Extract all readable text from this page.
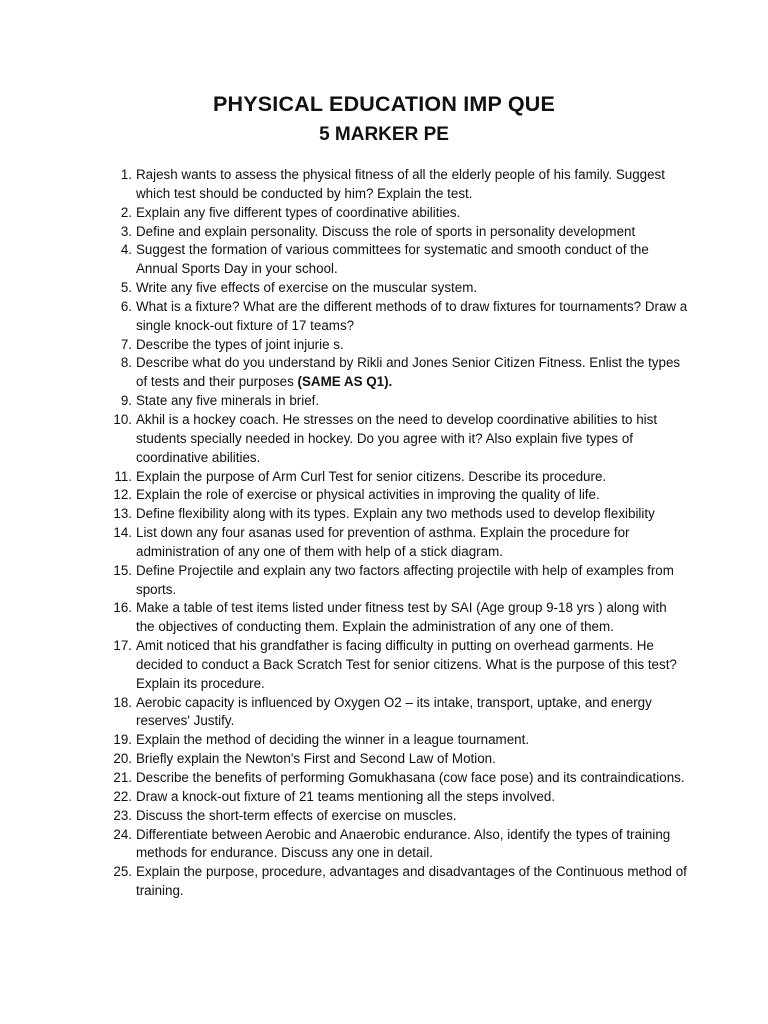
PHYSICAL EDUCATION IMP QUE
5 MARKER PE
1. Rajesh wants to assess the physical fitness of all the elderly people of his family. Suggest which test should be conducted by him? Explain the test.
2. Explain any five different types of coordinative abilities.
3. Define and explain personality. Discuss the role of sports in personality development
4. Suggest the formation of various committees for systematic and smooth conduct of the Annual Sports Day in your school.
5. Write any five effects of exercise on the muscular system.
6. What is a fixture? What are the different methods of to draw fixtures for tournaments? Draw a single knock-out fixture of 17 teams?
7. Describe the types of joint injurie s.
8. Describe what do you understand by Rikli and Jones Senior Citizen Fitness. Enlist the types of tests and their purposes (SAME AS Q1).
9. State any five minerals in brief.
10. Akhil is a hockey coach. He stresses on the need to develop coordinative abilities to hist students specially needed in hockey. Do you agree with it? Also explain five types of coordinative abilities.
11. Explain the purpose of Arm Curl Test for senior citizens. Describe its procedure.
12. Explain the role of exercise or physical activities in improving the quality of life.
13. Define flexibility along with its types. Explain any two methods used to develop flexibility
14. List down any four asanas used for prevention of asthma. Explain the procedure for administration of any one of them with help of a stick diagram.
15. Define Projectile and explain any two factors affecting projectile with help of examples from sports.
16. Make a table of test items listed under fitness test by SAI (Age group 9-18 yrs ) along with the objectives of conducting them. Explain the administration of any one of them.
17. Amit noticed that his grandfather is facing difficulty in putting on overhead garments. He decided to conduct a Back Scratch Test for senior citizens. What is the purpose of this test? Explain its procedure.
18. Aerobic capacity is influenced by Oxygen O2 – its intake, transport, uptake, and energy reserves' Justify.
19. Explain the method of deciding the winner in a league tournament.
20. Briefly explain the Newton's First and Second Law of Motion.
21. Describe the benefits of performing Gomukhasana (cow face pose) and its contraindications.
22. Draw a knock-out fixture of 21 teams mentioning all the steps involved.
23. Discuss the short-term effects of exercise on muscles.
24. Differentiate between Aerobic and Anaerobic endurance. Also, identify the types of training methods for endurance. Discuss any one in detail.
25. Explain the purpose, procedure, advantages and disadvantages of the Continuous method of training.
